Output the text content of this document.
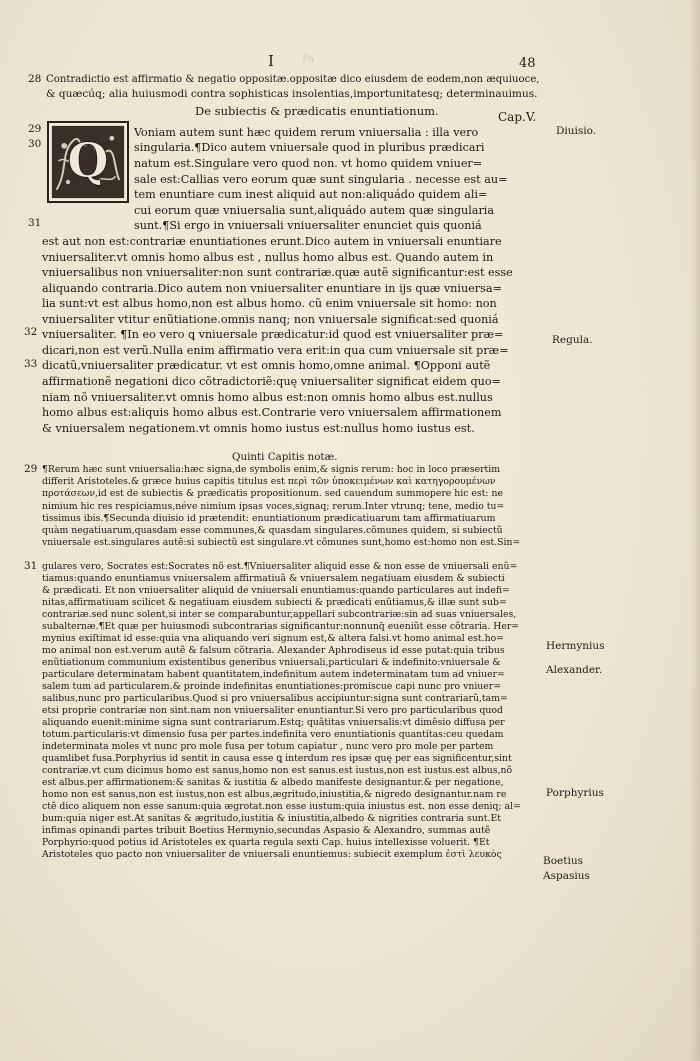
Pa
I	48
28
29
30
31
32
33
29
31
Contradictio est affirmatio & negatio oppositæ.oppositæ dico eiusdem de eodem,non æquiuoce,
& quæcúq; alia huiusmodi contra sophisticas insolentias,importunitatesq; determinauimus.
De subiectis & prædicatis enuntiationum.	Cap.V.
Q
Voniam autem sunt hæc quidem rerum vniuersalia : illa vero
singularia.¶Dico autem vniuersale quod in pluribus prædicari
natum est.Singulare vero quod non. vt homo quidem vniuer=
sale est:Callias vero eorum quæ sunt singularia . necesse est au=
tem enuntiare cum inest aliquid aut non:aliquádo quidem ali=
cui eorum quæ vniuersalia sunt,aliquádo autem quæ singularia
sunt.¶Si ergo in vniuersali vniuersaliter enunciet quis quoniá
est aut non est:contrariæ enuntiationes erunt.Dico autem in vniuersali enuntiare
vniuersaliter.vt omnis homo albus est , nullus homo albus est. Quando autem in
vniuersalibus non vniuersaliter:non sunt contrariæ.quæ autẽ significantur:est esse
aliquando contraria.Dico autem non vniuersaliter enuntiare in ijs quæ vniuersa=
lia sunt:vt est albus homo,non est albus homo. cũ enim vniuersale sit homo: non
vniuersaliter vtitur enũtiatione.omnis nanq; non vniuersale significat:sed quoniá
vniuersaliter. ¶In eo vero ꝗ vniuersale prædicatur:id quod est vniuersaliter præ=
dicari,non est verũ.Nulla enim affirmatio vera erit:in qua cum vniuersale sit præ=
dicatũ,vniuersaliter prædicatur. vt est omnis homo,omne animal. ¶Opponi autẽ
affirmationẽ negationi dico cõtradictoriẽ:quę vniuersaliter significat eidem quo=
niam nõ vniuersaliter.vt omnis homo albus est:non omnis homo albus est.nullus
homo albus est:aliquis homo albus est.Contrarie vero vniuersalem affirmationem
& vniuersalem negationem.vt omnis homo iustus est:nullus homo iustus est.
Diuisio.
Regula.
Hermynius
Alexander.
Porphyrius
Boetius
Aspasius
Quinti Capitis notæ.
¶Rerum hæc sunt vniuersalia:hæc signa,de symbolis enim,& signis rerum: hoc in loco præsertim
differit Aristoteles.& græce huius capitis titulus est περὶ τῶν ὑποκειμένων καὶ κατηγορουμένων
προτάσεων,id est de subiectis & prædicatis propositionum. sed cauendum summopere hic est: ne
nimium hic res respiciamus,néve nimium ipsas voces,signaq; rerum.Inter vtrunq; tene, medio tu=
tissimus ibis.¶Secunda diuisio id prætendit: enuntiationum prædicatiuarum tam affirmatiuarum
quàm negatiuarum,quasdam esse communes,& quasdam singulares.cõmunes quidem, si subiectũ
vniuersale est.singulares autẽ:si subiectũ est singulare.vt cõmunes sunt,homo est:homo non est.Sin=
gulares vero, Socrates est:Socrates nõ est.¶Vniuersaliter aliquid esse & non esse de vniuersali enũ=
tiamus:quando enuntiamus vniuersalem affirmatiuã & vniuersalem negatiuam eiusdem & subiecti
& prædicati. Et non vniuersaliter aliquid de vniuersali enuntiamus:quando particulares aut indefi=
nitas,affirmatiuam scilicet & negatiuam eiusdem subiecti & prædicati enũtiamus,& illæ sunt sub=
contrariæ.sed nunc solent,si inter se comparabuntur,appellari subcontrariæ:sin ad suas vniuersales,
subalternæ.¶Et quæ per huiusmodi subcontrarias significantur:nonnunq̃ eueniũt esse cõtraria. Her=
mynius exiſtimat id esse:quia vna aliquando veri signum est,& altera falsi.vt homo animal est.ho=
mo animal non est.verum autẽ & falsum cõtraria. Alexander Aphrodiseus id esse putat:quia tribus
enũtiationum communium existentibus generibus vniuersali,particulari & indefinito:vniuersale &
particulare determinatam habent quantitatem,indefinitum autem indeterminatam tum ad vniuer=
salem tum ad particularem.& proinde indefinitas enuntiationes:promiscue capi nunc pro vniuer=
salibus,nunc pro particularibus.Quod si pro vniuersalibus accipiuntur:signa sunt contrariarũ,tam=
etsi proprie contrariæ non sint.nam non vniuersaliter enuntiantur.Si vero pro particularibus quod
aliquando euenit:minime signa sunt contrariarum.Estq; quãtitas vniuersalis:vt dimẽsio diffusa per
totum.particularis:vt dimensio fusa per partes.indefinita vero enuntiationis quantitas:ceu quedam
indeterminata moles vt nunc pro mole fusa per totum capiatur , nunc vero pro mole per partem
quamlibet fusa.Porphyrius id sentit in causa esse ꝗ interdum res ipsæ quę per eas significentur,sint
contrariæ.vt cum dicimus homo est sanus,homo non est sanus.est iustus,non est iustus.est albus,nõ
est albus.per affirmationem:& sanitas & iustitia & albedo manifeste designantur.& per negatione,
homo non est sanus,non est iustus,non est albus,ægritudo,iniustitia,& nigredo designantur.nam re
ctẽ dico aliquem non esse sanum:quia ægrotat.non esse iustum:quia iniustus est. non esse deniq; al=
bum:quia niger est.At sanitas & ægritudo,iustitia & iniustitia,albedo & nigrities contraria sunt.Et
infimas opinandi partes tribuit Boetius Hermynio,secundas Aspasio & Alexandro, summas autẽ
Porphyrio:quod potius id Aristoteles ex quarta regula sexti Cap. huius intellexisse voluerit. ¶Et
Aristoteles quo pacto non vniuersaliter de vniuersali enuntiemus: subiecit exemplum ἐστὶ λευκὸς
